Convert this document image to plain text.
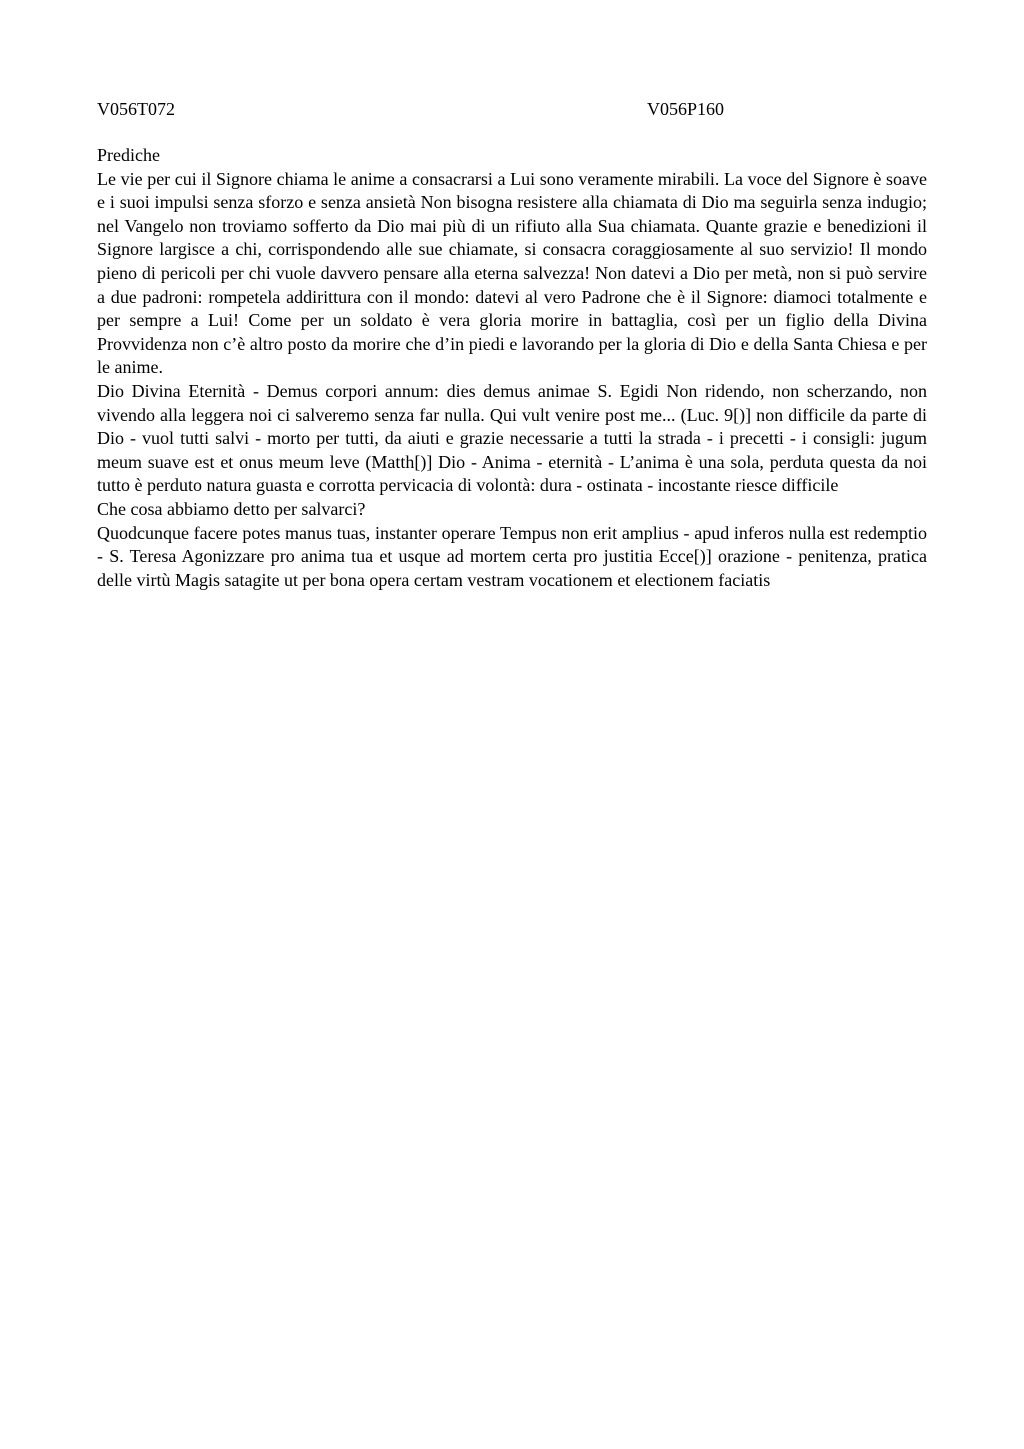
V056T072	V056P160
Prediche

Le vie per cui il Signore chiama le anime a consacrarsi a Lui sono veramente mirabili. La voce del Signore è soave e i suoi impulsi senza sforzo e senza ansietà Non bisogna resistere alla chiamata di Dio ma seguirla senza indugio; nel Vangelo non troviamo sofferto da Dio mai più di un rifiuto alla Sua chiamata. Quante grazie e benedizioni il Signore largisce a chi, corrispondendo alle sue chiamate, si consacra coraggiosamente al suo servizio! Il mondo pieno di pericoli per chi vuole davvero pensare alla eterna salvezza! Non datevi a Dio per metà, non si può servire a due padroni: rompetela addirittura con il mondo: datevi al vero Padrone che è il Signore: diamoci totalmente e per sempre a Lui! Come per un soldato è vera gloria morire in battaglia, così per un figlio della Divina Provvidenza non c’è altro posto da morire che d’in piedi e lavorando per la gloria di Dio e della Santa Chiesa e per le anime.

Dio Divina Eternità - Demus corpori annum: dies demus animae S. Egidi Non ridendo, non scherzando, non vivendo alla leggera noi ci salveremo senza far nulla. Qui vult venire post me... (Luc. 9[)] non difficile da parte di Dio - vuol tutti salvi - morto per tutti, da aiuti e grazie necessarie a tutti la strada - i precetti - i consigli: jugum meum suave est et onus meum leve (Matth[)] Dio - Anima - eternità - L’anima è una sola, perduta questa da noi tutto è perduto natura guasta e corrotta pervicacia di volontà: dura - ostinata - incostante riesce difficile

Che cosa abbiamo detto per salvarci?

Quodcunque facere potes manus tuas, instanter operare Tempus non erit amplius - apud inferos nulla est redemptio - S. Teresa Agonizzare pro anima tua et usque ad mortem certa pro justitia Ecce[)] orazione - penitenza, pratica delle virtù Magis satagite ut per bona opera certam vestram vocationem et electionem faciatis
